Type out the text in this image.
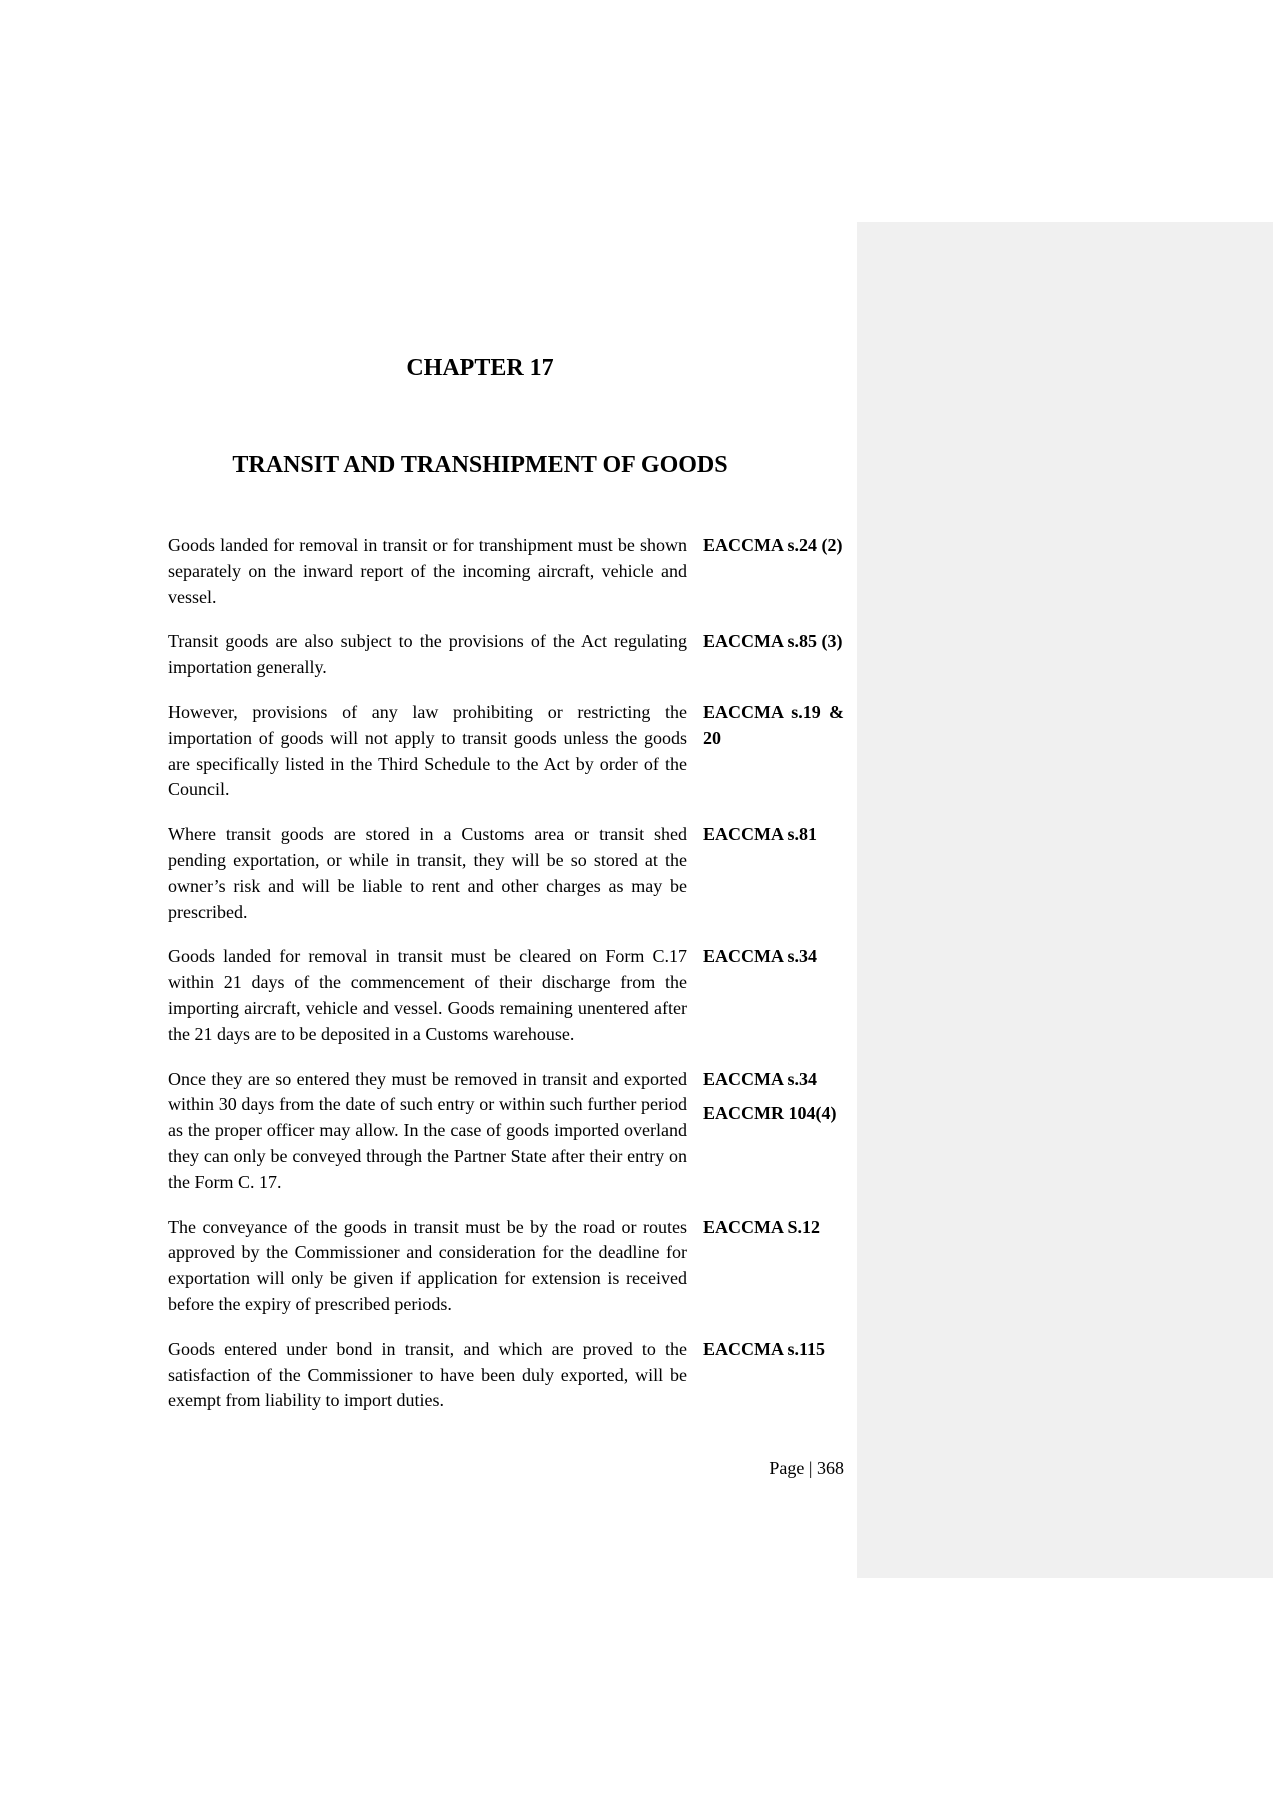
CHAPTER 17
TRANSIT AND TRANSHIPMENT OF GOODS

Goods landed for removal in transit or for transhipment must be shown separately on the inward report of the incoming aircraft, vehicle and vessel.

EACCMA s.24 (2)

Transit goods are also subject to the provisions of the Act regulating importation generally.

EACCMA s.85 (3)

However, provisions of any law prohibiting or restricting the importation of goods will not apply to transit goods unless the goods are specifically listed in the Third Schedule to the Act by order of the Council.

EACCMA s.19 & 20

Where transit goods are stored in a Customs area or transit shed pending exportation, or while in transit, they will be so stored at the owner’s risk and will be liable to rent and other charges as may be prescribed.

EACCMA s.81

Goods landed for removal in transit must be cleared on Form C.17 within 21 days of the commencement of their discharge from the importing aircraft, vehicle and vessel. Goods remaining unentered after the 21 days are to be deposited in a Customs warehouse.

EACCMA s.34

Once they are so entered they must be removed in transit and exported within 30 days from the date of such entry or within such further period as the proper officer may allow. In the case of goods imported overland they can only be conveyed through the Partner State after their entry on the Form C. 17.

EACCMA s.34

EACCMR 104(4)

The conveyance of the goods in transit must be by the road or routes approved by the Commissioner and consideration for the deadline for exportation will only be given if application for extension is received before the expiry of prescribed periods.

EACCMA S.12

Goods entered under bond in transit, and which are proved to the satisfaction of the Commissioner to have been duly exported, will be exempt from liability to import duties.

EACCMA s.115

Page | 368
